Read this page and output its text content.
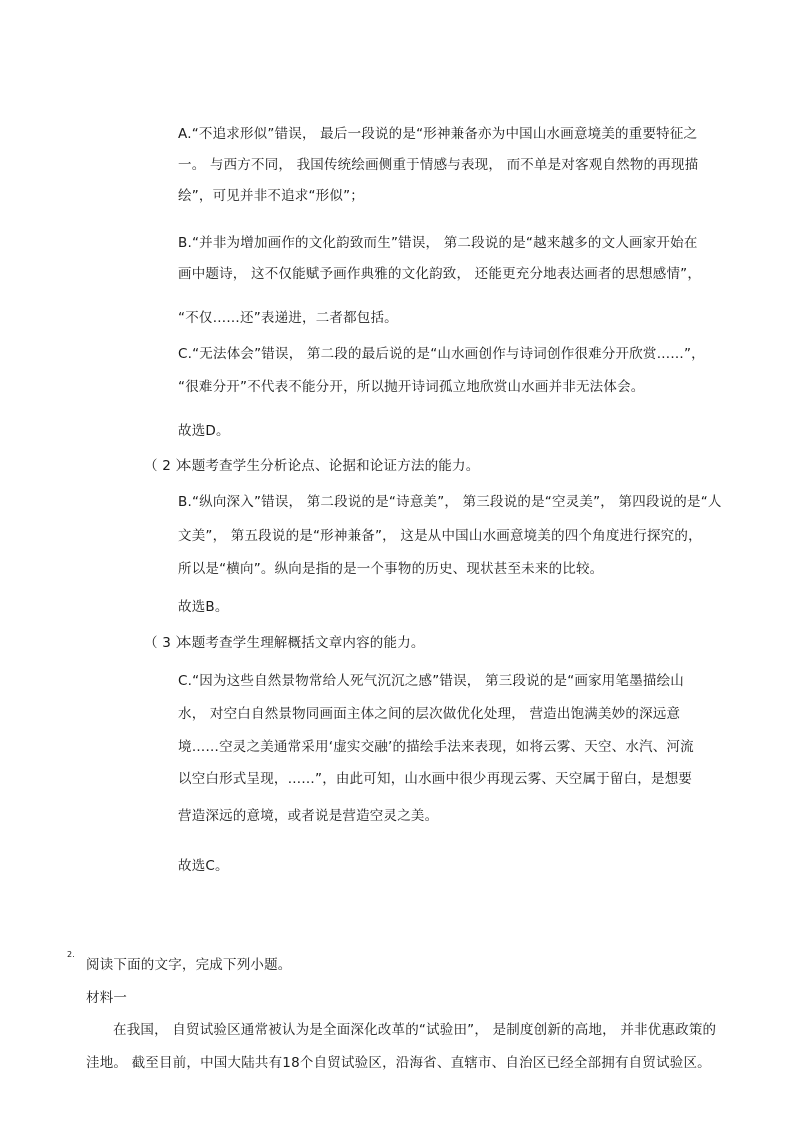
A.“不追求形似”错误， 最后一段说的是“形神兼备亦为中国山水画意境美的重要特征之
一。 与西方不同， 我国传统绘画侧重于情感与表现， 而不单是对客观自然物的再现描
绘”，可见并非不追求“形似”；
B.“并非为增加画作的文化韵致而生”错误， 第二段说的是“越来越多的文人画家开始在
画中题诗， 这不仅能赋予画作典雅的文化韵致， 还能更充分地表达画者的思想感情”，
“不仅……还”表递进，二者都包括。
C.“无法体会”错误， 第二段的最后说的是“山水画创作与诗词创作很难分开欣赏……”，
“很难分开”不代表不能分开，所以抛开诗词孤立地欣赏山水画并非无法体会。
故选D。
（ 2 ）
本题考查学生分析论点、论据和论证方法的能力。
B.“纵向深入”错误， 第二段说的是“诗意美”， 第三段说的是“空灵美”， 第四段说的是“人
文美”， 第五段说的是“形神兼备”， 这是从中国山水画意境美的四个角度进行探究的，
所以是“横向”。纵向是指的是一个事物的历史、现状甚至未来的比较。
故选B。
（ 3 ）
本题考查学生理解概括文章内容的能力。
C.“因为这些自然景物常给人死气沉沉之感”错误， 第三段说的是“画家用笔墨描绘山
水， 对空白自然景物同画面主体之间的层次做优化处理， 营造出饱满美妙的深远意
境……空灵之美通常采用‘虚实交融’的描绘手法来表现，如将云雾、天空、水汽、河流
以空白形式呈现，……”，由此可知，山水画中很少再现云雾、天空属于留白，是想要
营造深远的意境，或者说是营造空灵之美。
故选C。
2.
阅读下面的文字，完成下列小题。
材料一
在我国， 自贸试验区通常被认为是全面深化改革的“试验田”， 是制度创新的高地， 并非优惠政策的
洼地。 截至目前，中国大陆共有18个自贸试验区，沿海省、直辖市、自治区已经全部拥有自贸试验区。
